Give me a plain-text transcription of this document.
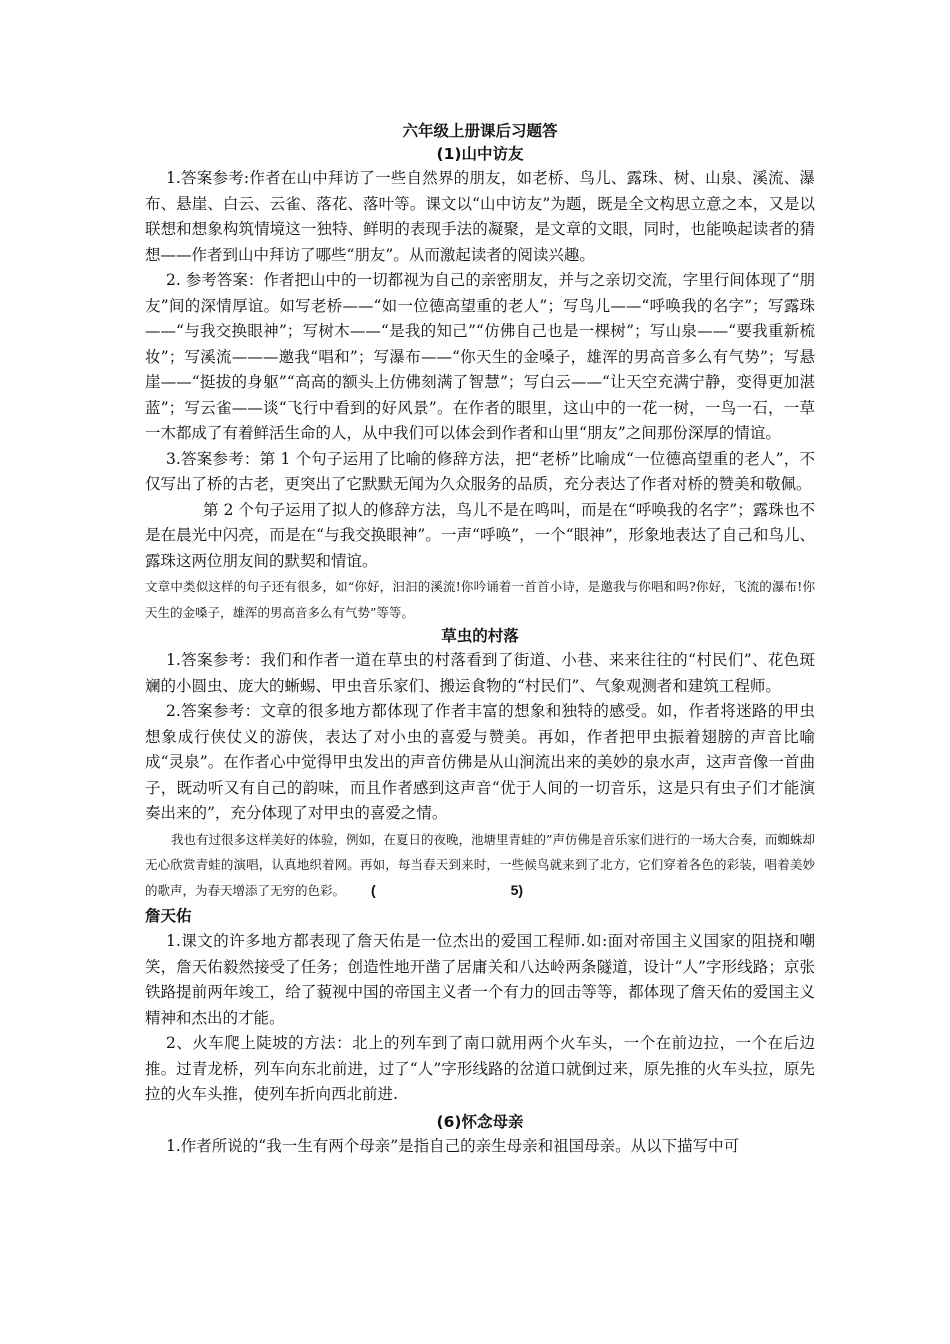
六年级上册课后习题答
(1)山中访友

1.答案参考:作者在山中拜访了一些自然界的朋友，如老桥、鸟儿、露珠、树、山泉、溪流、瀑布、悬崖、白云、云雀、落花、落叶等。课文以“山中访友”为题，既是全文构思立意之本，又是以联想和想象构筑情境这一独特、鲜明的表现手法的凝聚，是文章的文眼，同时，也能唤起读者的猜想——作者到山中拜访了哪些“朋友”。从而激起读者的阅读兴趣。

2. 参考答案：作者把山中的一切都视为自己的亲密朋友，并与之亲切交流，字里行间体现了“朋友”间的深情厚谊。如写老桥——“如一位德高望重的老人”；写鸟儿——“呼唤我的名字”；写露珠——“与我交换眼神”；写树木——“是我的知己”“仿佛自己也是一棵树”；写山泉——“要我重新梳妆”；写溪流———邀我“唱和”；写瀑布——“你天生的金嗓子，雄浑的男高音多么有气势”；写悬崖——“挺拔的身躯”“高高的额头上仿佛刻满了智慧”；写白云——“让天空充满宁静，变得更加湛蓝”；写云雀——谈“飞行中看到的好风景”。在作者的眼里，这山中的一花一树，一鸟一石，一草一木都成了有着鲜活生命的人，从中我们可以体会到作者和山里“朋友”之间那份深厚的情谊。

3.答案参考：第 1 个句子运用了比喻的修辞方法，把“老桥”比喻成“一位德高望重的老人”，不仅写出了桥的古老，更突出了它默默无闻为久众服务的品质，充分表达了作者对桥的赞美和敬佩。

第 2 个句子运用了拟人的修辞方法，鸟儿不是在鸣叫，而是在“呼唤我的名字”；露珠也不是在晨光中闪亮，而是在“与我交换眼神”。一声“呼唤”，一个“眼神”，形象地表达了自己和鸟儿、露珠这两位朋友间的默契和情谊。

文章中类似这样的句子还有很多，如“你好，汩汩的溪流!你吟诵着一首首小诗，是邀我与你唱和吗?你好，飞流的瀑布!你天生的金嗓子，雄浑的男高音多么有气势”等等。

草虫的村落

1.答案参考：我们和作者一道在草虫的村落看到了街道、小巷、来来往往的“村民们”、花色斑斓的小圆虫、庞大的蜥蜴、甲虫音乐家们、搬运食物的“村民们”、气象观测者和建筑工程师。

2.答案参考：文章的很多地方都体现了作者丰富的想象和独特的感受。如，作者将迷路的甲虫想象成行侠仗义的游侠，表达了对小虫的喜爱与赞美。再如，作者把甲虫振着翅膀的声音比喻成“灵泉”。在作者心中觉得甲虫发出的声音仿佛是从山涧流出来的美妙的泉水声，这声音像一首曲子，既动听又有自己的韵味，而且作者感到这声音“优于人间的一切音乐，这是只有虫子们才能演奏出来的”，充分体现了对甲虫的喜爱之情。

我也有过很多这样美好的体验，例如，在夏日的夜晚，池塘里青蛙的”声仿佛是音乐家们进行的一场大合奏，而蜘蛛却无心欣赏青蛙的演唱，认真地织着网。再如，每当春天到来时，一些候鸟就来到了北方，它们穿着各色的彩装，唱着美妙的歌声，为春天增添了无穷的色彩。	(	5)

詹天佑

1.课文的许多地方都表现了詹天佑是一位杰出的爱国工程师.如:面对帝国主义国家的阻挠和嘲笑，詹天佑毅然接受了任务；创造性地开凿了居庸关和八达岭两条隧道，设计“人”字形线路；京张铁路提前两年竣工，给了藐视中国的帝国主义者一个有力的回击等等，都体现了詹天佑的爱国主义精神和杰出的才能。

2、火车爬上陡坡的方法：北上的列车到了南口就用两个火车头，一个在前边拉，一个在后边推。过青龙桥，列车向东北前进，过了“人”字形线路的岔道口就倒过来，原先推的火车头拉，原先拉的火车头推，使列车折向西北前进.

(6)怀念母亲

1.作者所说的“我一生有两个母亲”是指自己的亲生母亲和祖国母亲。从以下描写中可
